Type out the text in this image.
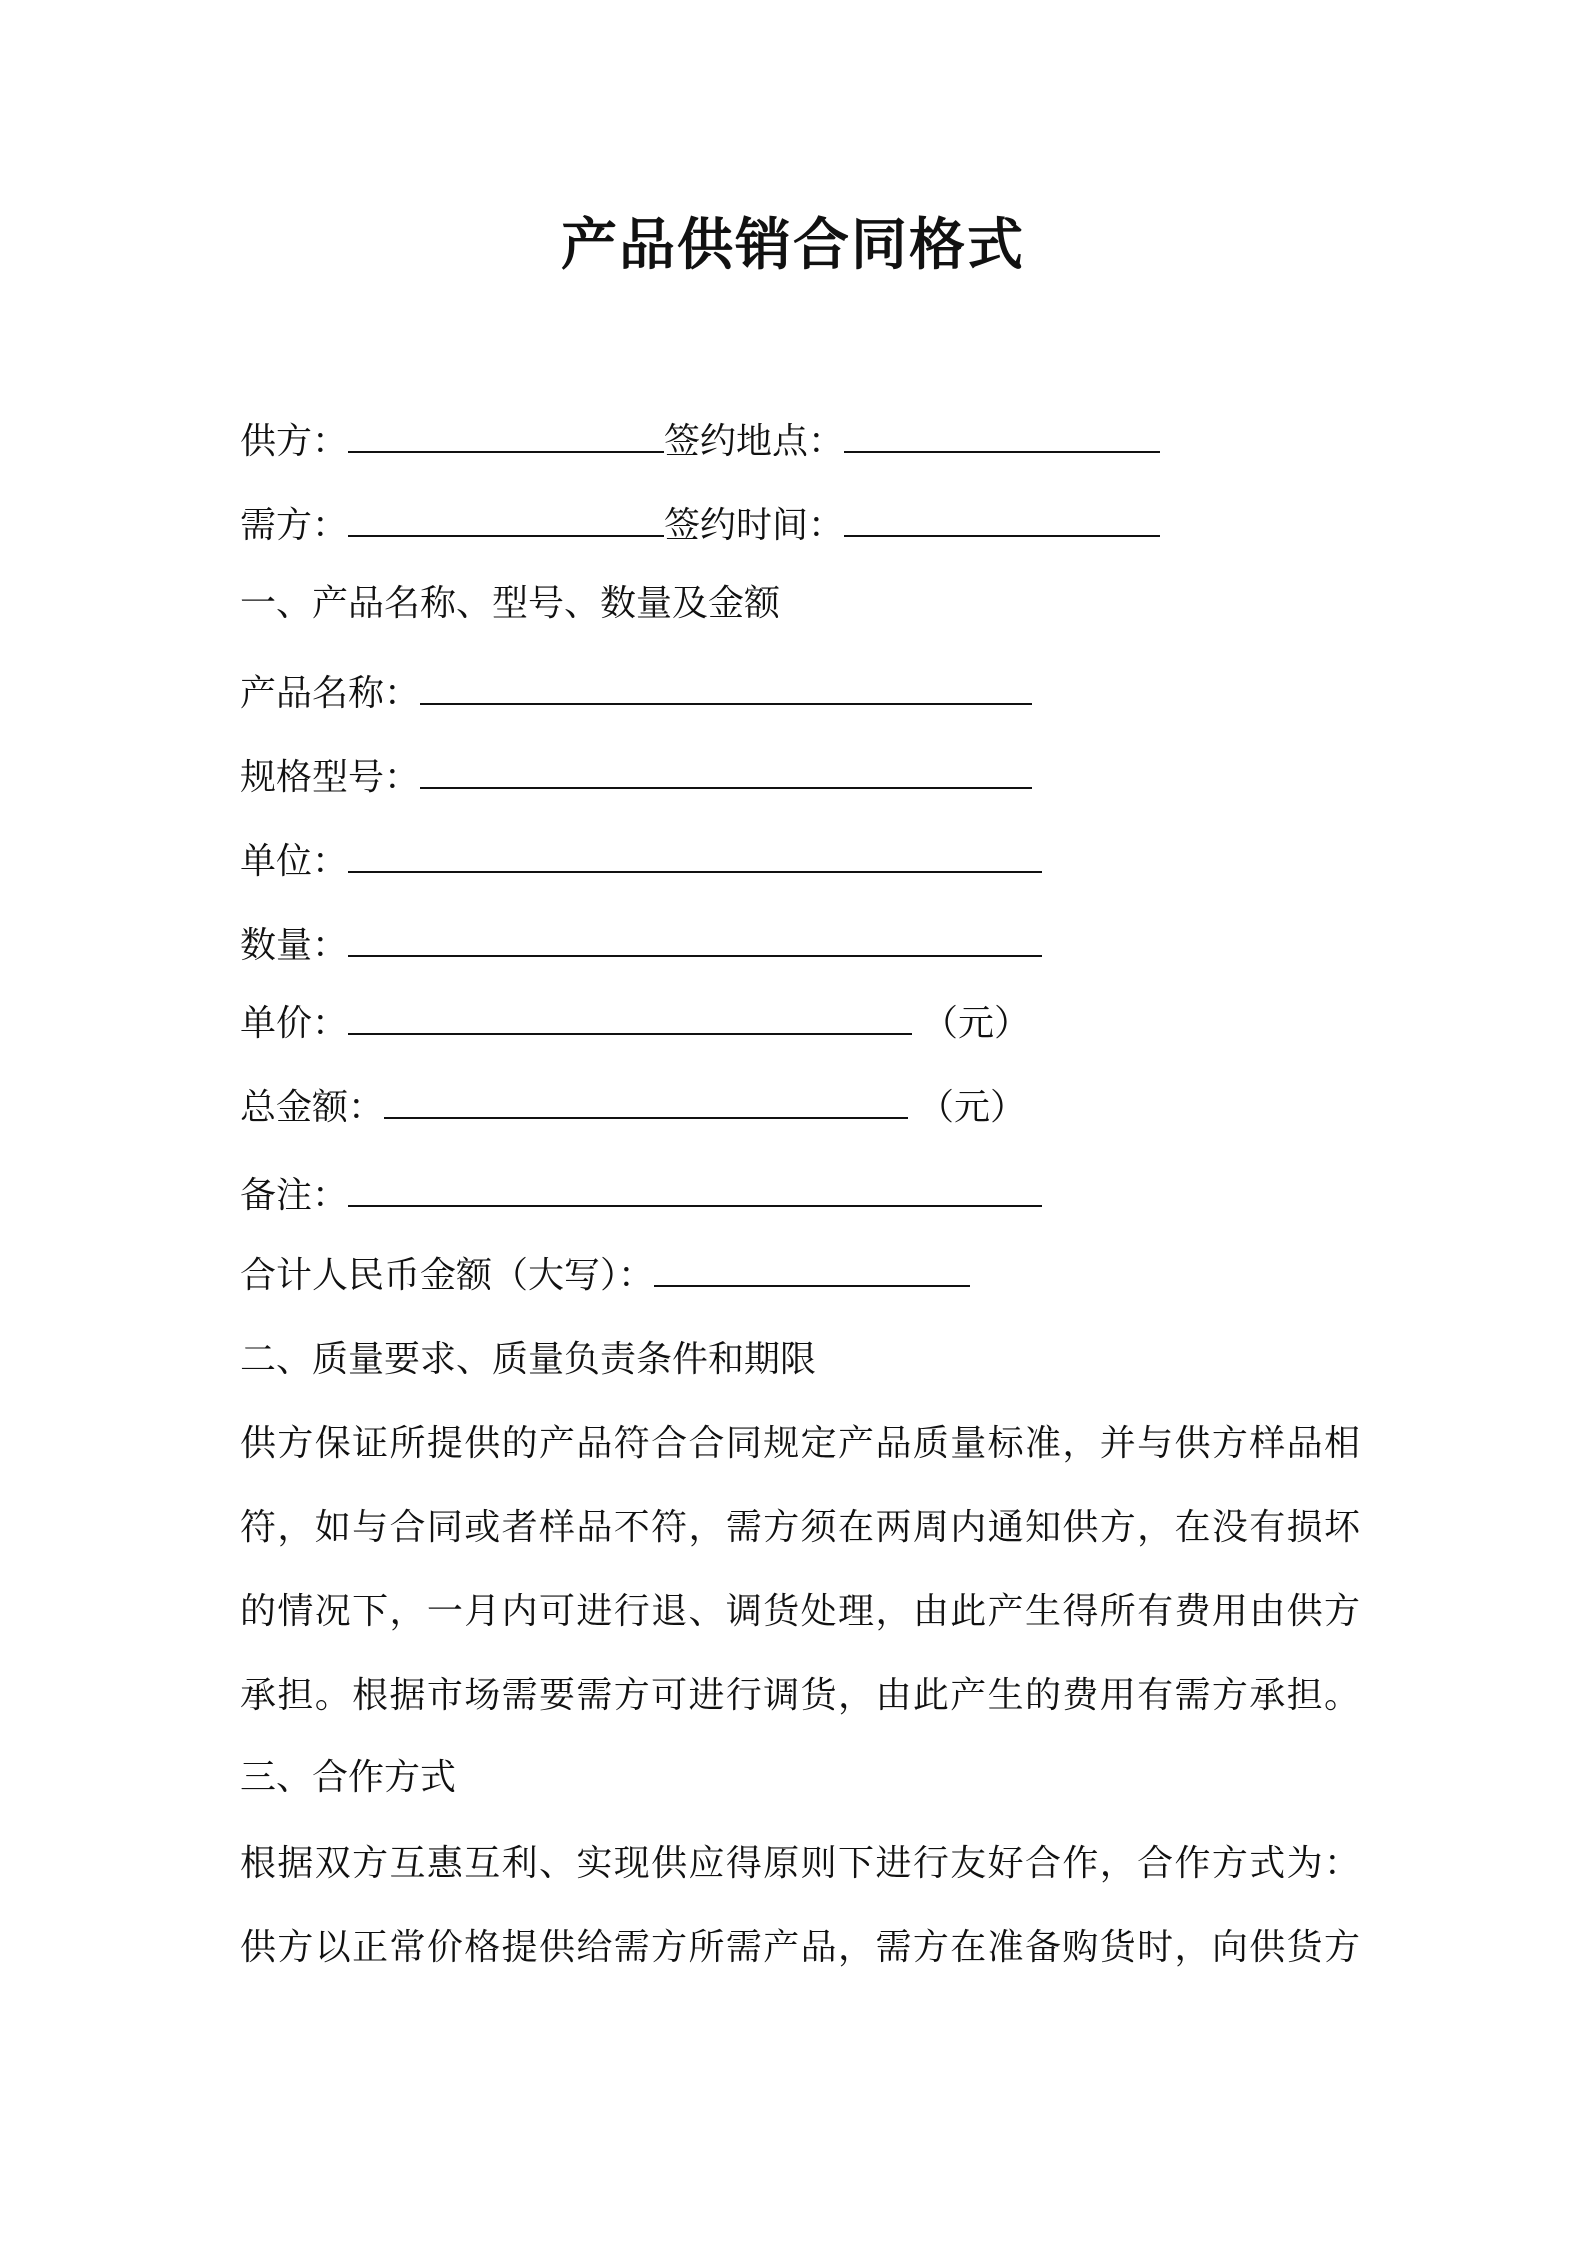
产品供销合同格式
供方：	签约地点：
需方：	签约时间：
一、产品名称、型号、数量及金额
产品名称：
规格型号：
单位：
数量：
单价：	（元）
总金额：	（元）
备注：
合计人民币金额（大写）：
二、质量要求、质量负责条件和期限
供方保证所提供的产品符合合同规定产品质量标准，并与供方样品相
符，如与合同或者样品不符，需方须在两周内通知供方，在没有损坏
的情况下，一月内可进行退、调货处理，由此产生得所有费用由供方
承担。根据市场需要需方可进行调货，由此产生的费用有需方承担。
三、合作方式
根据双方互惠互利、实现供应得原则下进行友好合作，合作方式为：
供方以正常价格提供给需方所需产品，需方在准备购货时，向供货方
